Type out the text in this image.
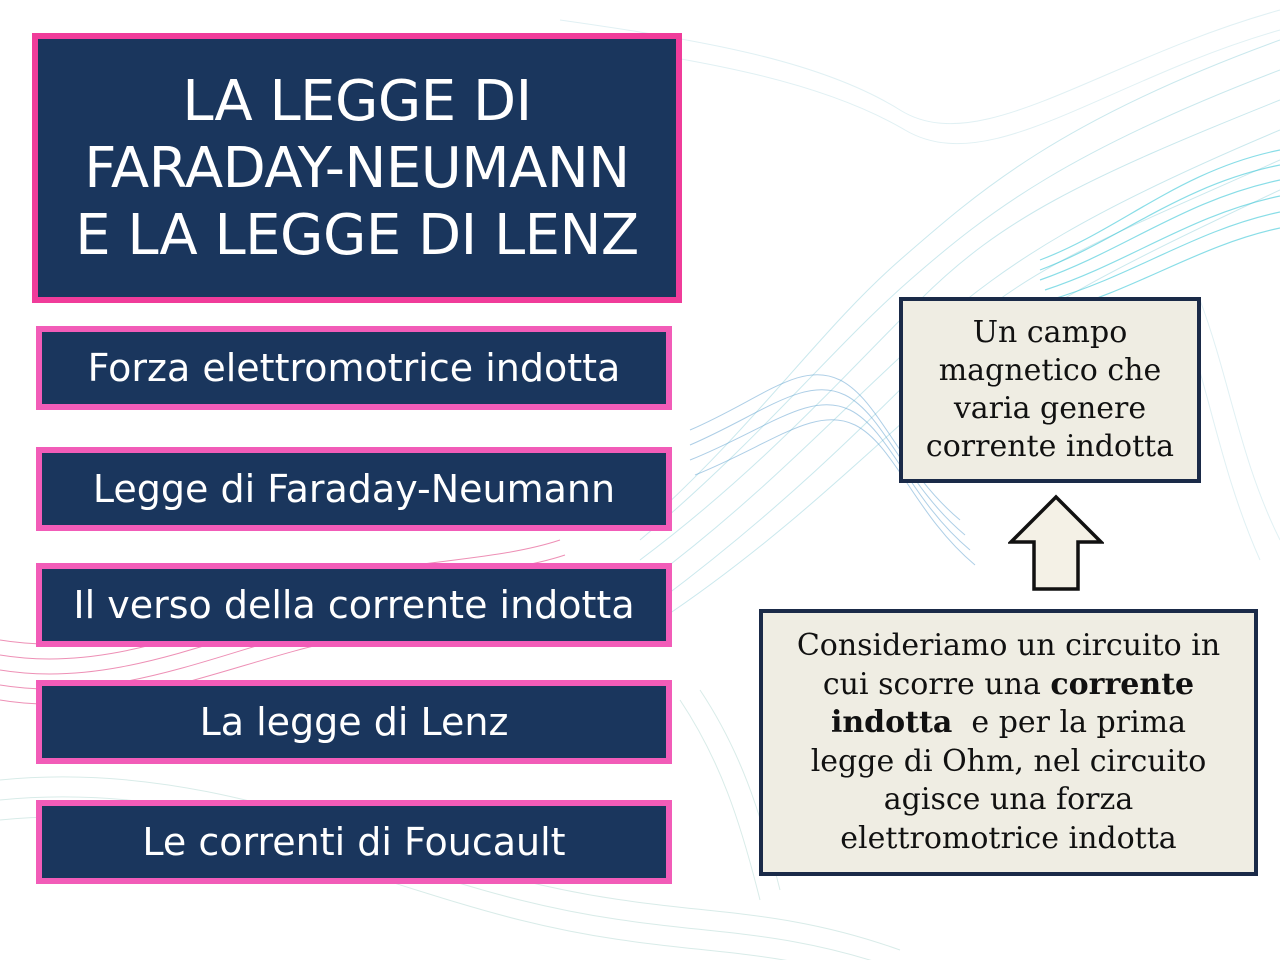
LA LEGGE DI
FARADAY-NEUMANN
E LA LEGGE DI LENZ
Forza elettromotrice indotta
Legge di Faraday-Neumann
Il verso della corrente indotta
La legge di Lenz
Le correnti di Foucault
Un campo
magnetico che
varia genere
corrente indotta
Consideriamo un circuito in
cui scorre una corrente
indotta  e per la prima
legge di Ohm, nel circuito
agisce una forza
elettromotrice indotta
